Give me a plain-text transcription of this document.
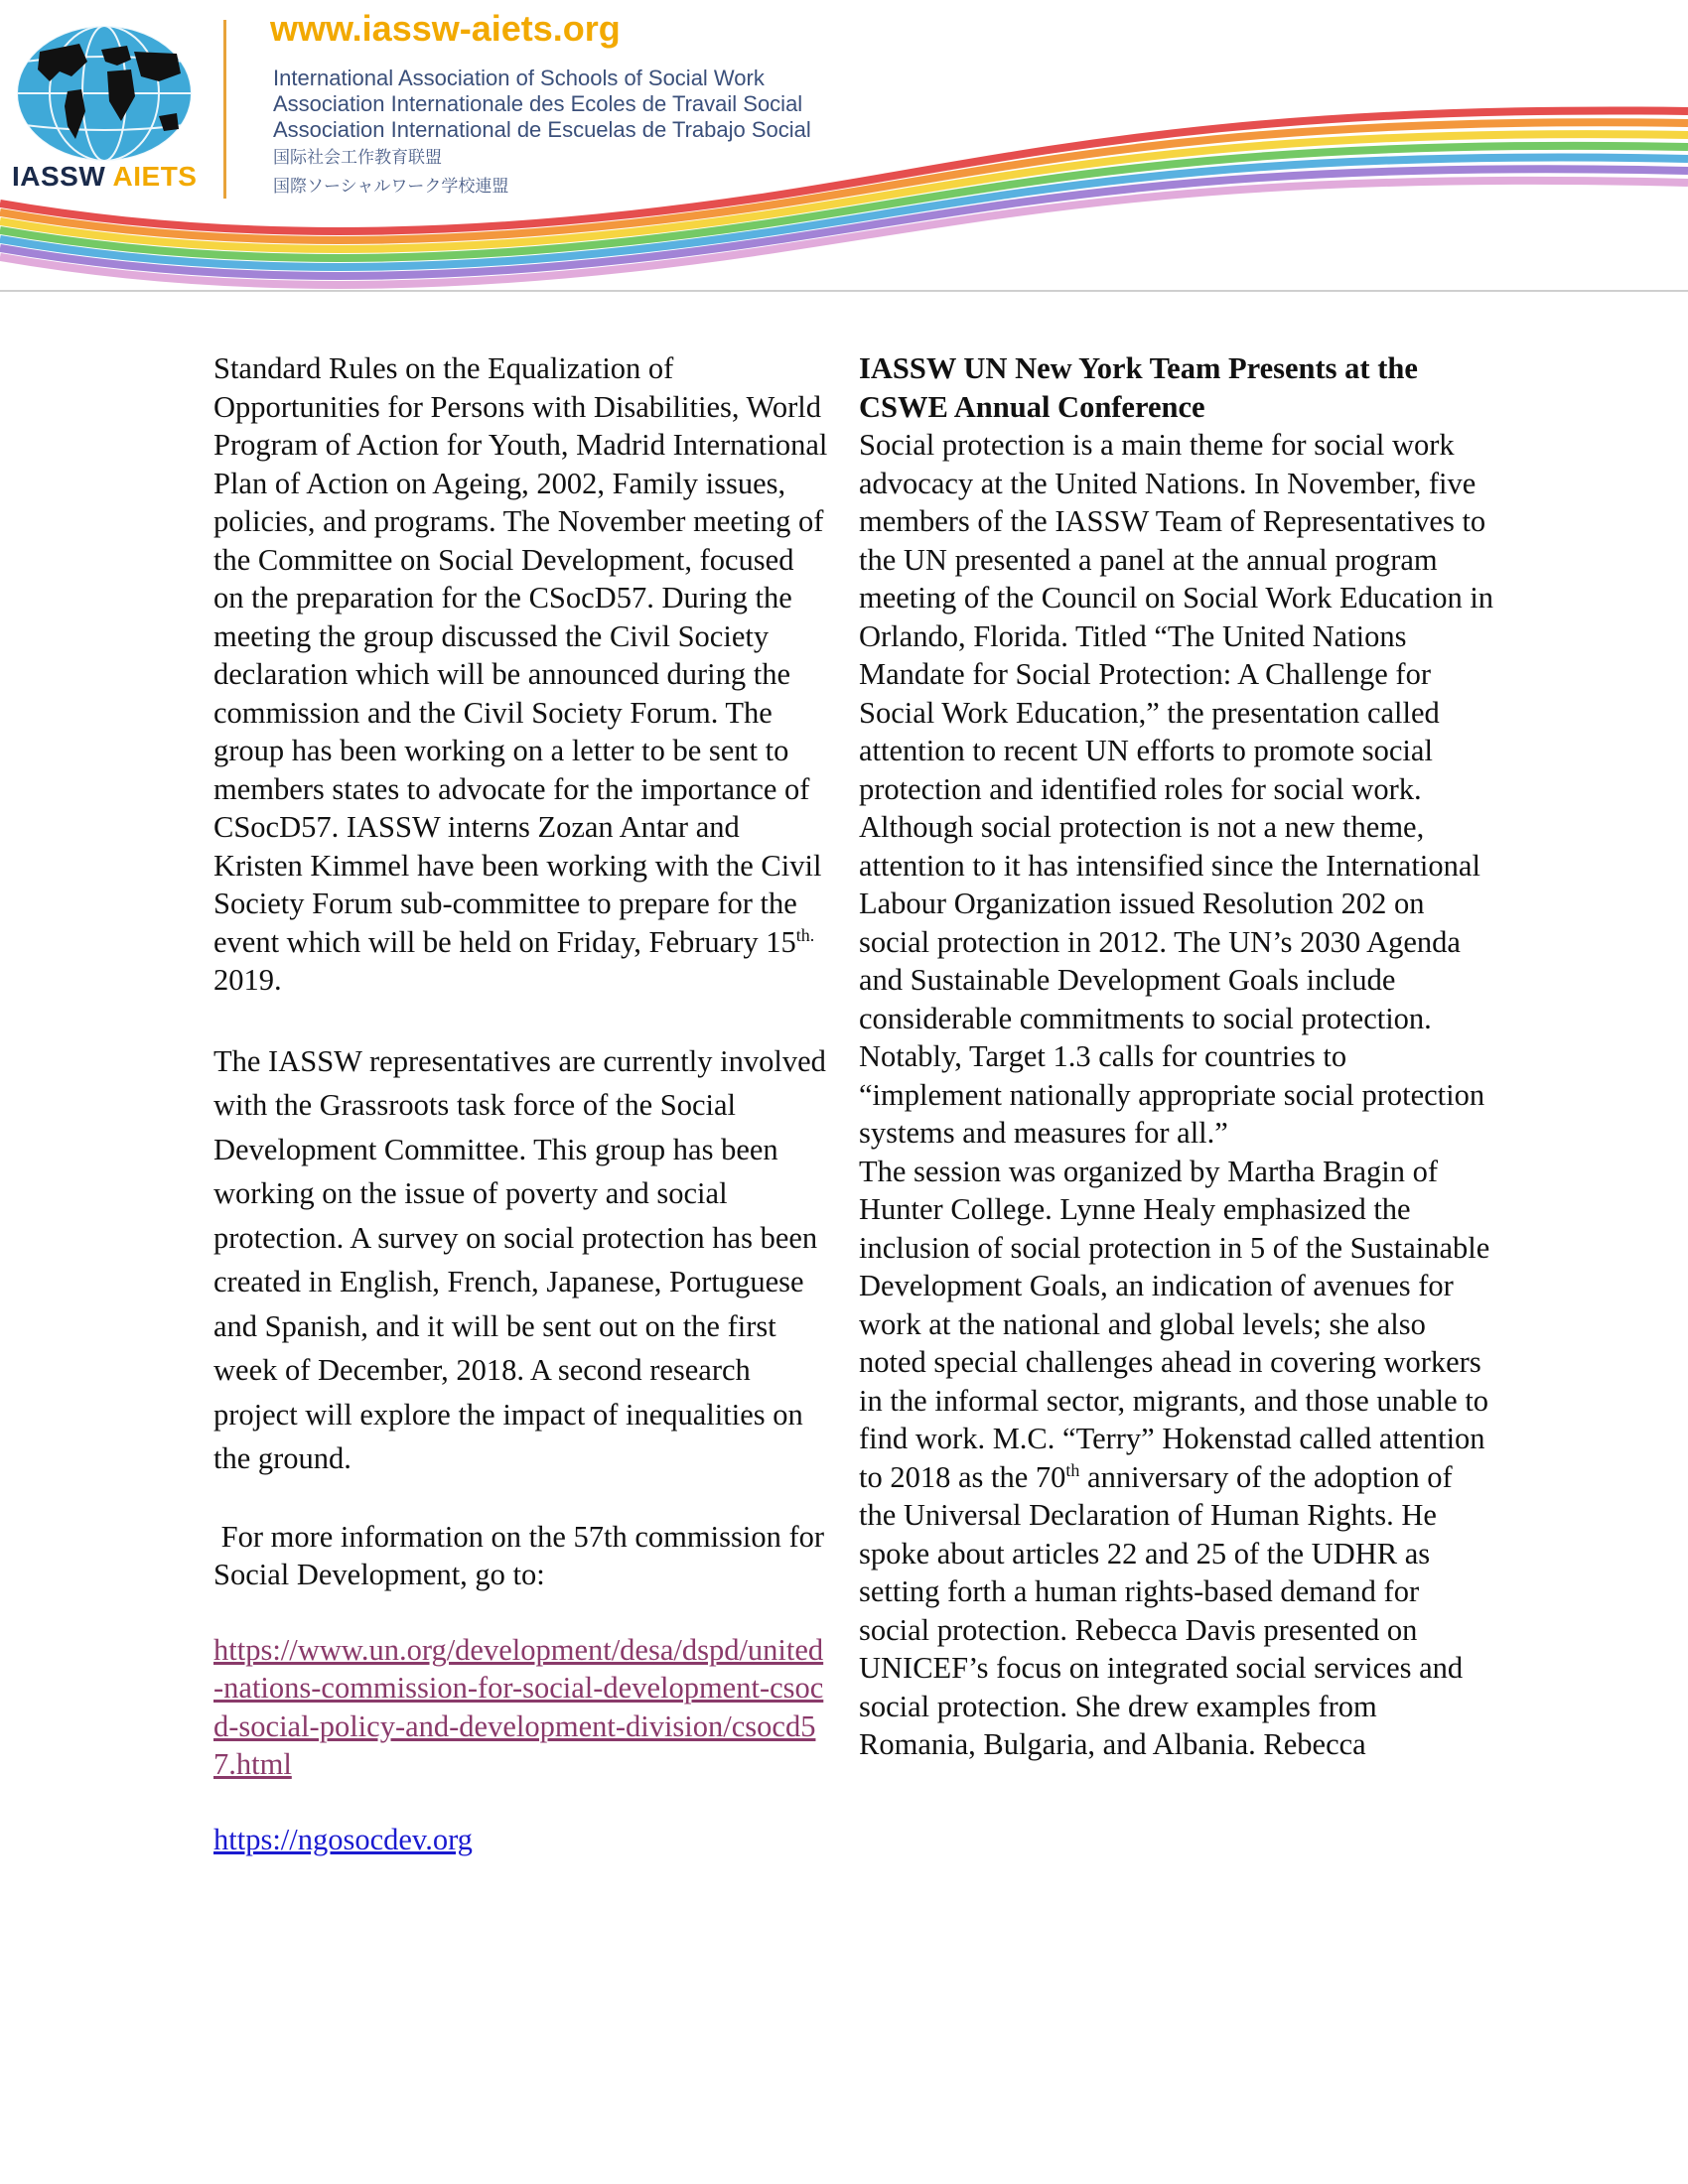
IASSW AIETS
www.iassw-aiets.org
International Association of Schools of Social Work
Association Internationale des Ecoles de Travail Social
Association International de Escuelas de Trabajo Social
国际社会工作教育联盟
国際ソーシャルワーク学校連盟

Standard Rules on the Equalization of Opportunities for Persons with Disabilities, World Program of Action for Youth, Madrid International Plan of Action on Ageing, 2002, Family issues, policies, and programs. The November meeting of the Committee on Social Development, focused on the preparation for the CSocD57. During the meeting the group discussed the Civil Society declaration which will be announced during the commission and the Civil Society Forum. The group has been working on a letter to be sent to members states to advocate for the importance of CSocD57. IASSW interns Zozan Antar and Kristen Kimmel have been working with the Civil Society Forum sub-committee to prepare for the event which will be held on Friday, February $15^{th.}$ 2019.

The IASSW representatives are currently involved with the Grassroots task force of the Social Development Committee. This group has been working on the issue of poverty and social protection. A survey on social protection has been created in English, French, Japanese, Portuguese and Spanish, and it will be sent out on the first week of December, 2018. A second research project will explore the impact of inequalities on the ground.

For more information on the 57th commission for Social Development, go to:

https://www.un.org/development/desa/dspd/united-nations-commission-for-social-development-csocd-social-policy-and-development-division/csocd57.html

https://ngosocdev.org

IASSW UN New York Team Presents at the CSWE Annual Conference

Social protection is a main theme for social work advocacy at the United Nations. In November, five members of the IASSW Team of Representatives to the UN presented a panel at the annual program meeting of the Council on Social Work Education in Orlando, Florida. Titled “The United Nations Mandate for Social Protection: A Challenge for Social Work Education,” the presentation called attention to recent UN efforts to promote social protection and identified roles for social work. Although social protection is not a new theme, attention to it has intensified since the International Labour Organization issued Resolution 202 on social protection in 2012. The UN’s 2030 Agenda and Sustainable Development Goals include considerable commitments to social protection. Notably, Target 1.3 calls for countries to “implement nationally appropriate social protection systems and measures for all.”

The session was organized by Martha Bragin of Hunter College. Lynne Healy emphasized the inclusion of social protection in 5 of the Sustainable Development Goals, an indication of avenues for work at the national and global levels; she also noted special challenges ahead in covering workers in the informal sector, migrants, and those unable to find work. M.C. “Terry” Hokenstad called attention to 2018 as the 70th anniversary of the adoption of the Universal Declaration of Human Rights. He spoke about articles 22 and 25 of the UDHR as setting forth a human rights-based demand for social protection. Rebecca Davis presented on UNICEF’s focus on integrated social services and social protection. She drew examples from Romania, Bulgaria, and Albania. Rebecca
